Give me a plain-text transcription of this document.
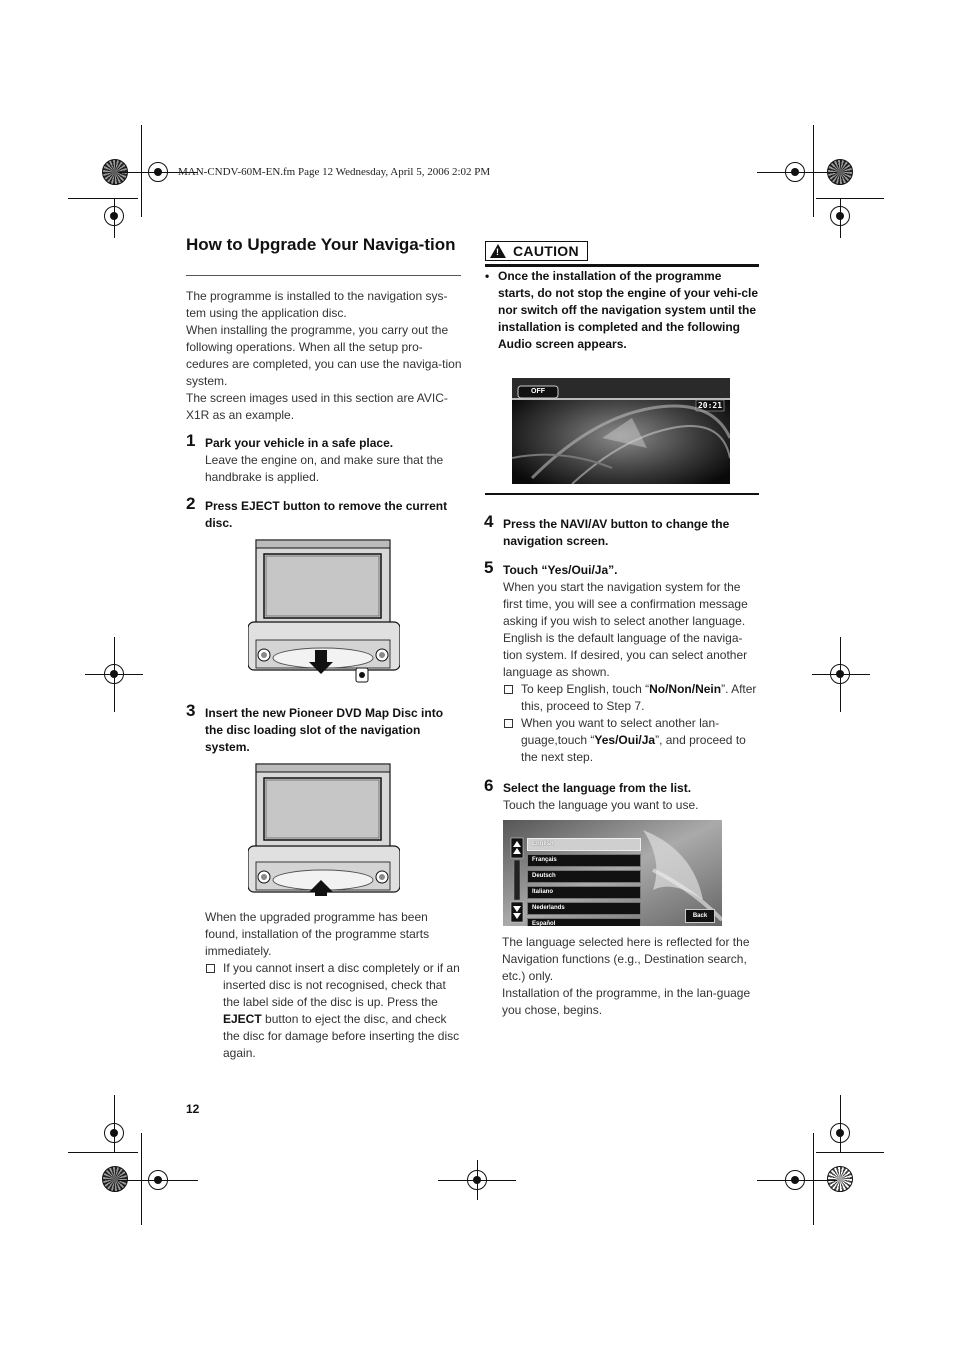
MAN-CNDV-60M-EN.fm Page 12 Wednesday, April 5, 2006 2:02 PM
How to Upgrade Your Naviga-tion
The programme is installed to the navigation sys-tem using the application disc.
When installing the programme, you carry out the following operations. When all the setup pro-cedures are completed, you can use the naviga-tion system.
The screen images used in this section are AVIC-X1R as an example.
1 Park your vehicle in a safe place.
Leave the engine on, and make sure that the handbrake is applied.
2 Press EJECT button to remove the current disc.
3 Insert the new Pioneer DVD Map Disc into the disc loading slot of the navigation system.
When the upgraded programme has been found, installation of the programme starts immediately.
If you cannot insert a disc completely or if an inserted disc is not recognised, check that the label side of the disc is up. Press the EJECT button to eject the disc, and check the disc for damage before inserting the disc again.
12
! CAUTION
• Once the installation of the programme starts, do not stop the engine of your vehi-cle nor switch off the navigation system until the installation is completed and the following Audio screen appears.
OFF
20:21
4 Press the NAVI/AV button to change the navigation screen.
5 Touch “Yes/Oui/Ja”.
When you start the navigation system for the first time, you will see a confirmation message asking if you wish to select another language. English is the default language of the naviga-tion system. If desired, you can select another language as shown.
To keep English, touch “No/Non/Nein”. After this, proceed to Step 7.
When you want to select another lan-guage,touch “Yes/Oui/Ja”, and proceed to the next step.
6 Select the language from the list.
Touch the language you want to use.
English
Français
Deutsch
Italiano
Nederlands
Español
Back
The language selected here is reflected for the Navigation functions (e.g., Destination search, etc.) only.
Installation of the programme, in the lan-guage you chose, begins.
